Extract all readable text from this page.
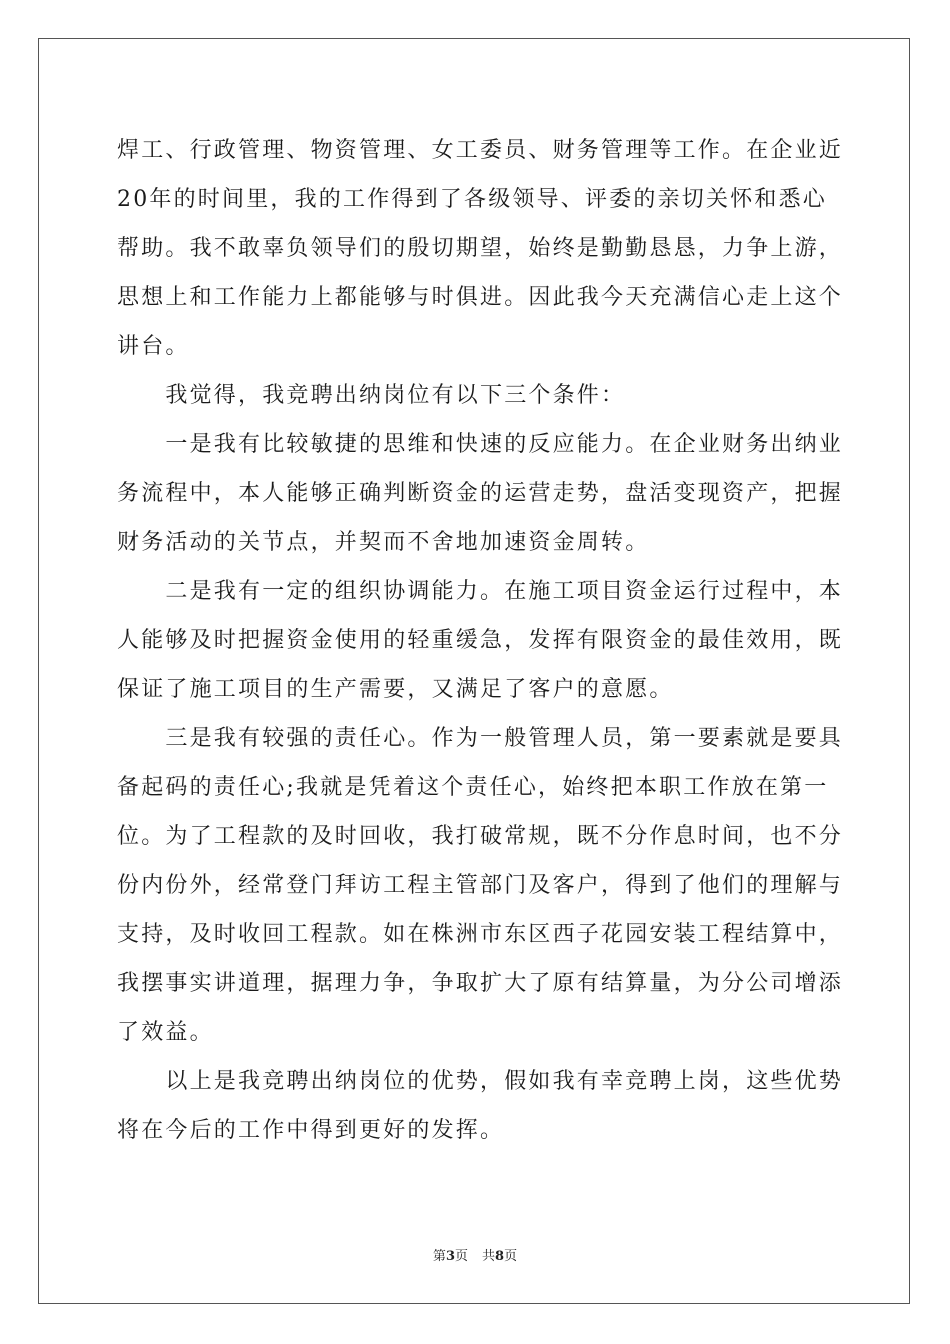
焊工、行政管理、物资管理、女工委员、财务管理等工作。在企业近
20年的时间里，我的工作得到了各级领导、评委的亲切关怀和悉心
帮助。我不敢辜负领导们的殷切期望，始终是勤勤恳恳，力争上游，
思想上和工作能力上都能够与时俱进。因此我今天充满信心走上这个
讲台。
　　我觉得，我竞聘出纳岗位有以下三个条件：
　　一是我有比较敏捷的思维和快速的反应能力。在企业财务出纳业
务流程中，本人能够正确判断资金的运营走势，盘活变现资产，把握
财务活动的关节点，并契而不舍地加速资金周转。
　　二是我有一定的组织协调能力。在施工项目资金运行过程中，本
人能够及时把握资金使用的轻重缓急，发挥有限资金的最佳效用，既
保证了施工项目的生产需要，又满足了客户的意愿。
　　三是我有较强的责任心。作为一般管理人员，第一要素就是要具
备起码的责任心;我就是凭着这个责任心，始终把本职工作放在第一
位。为了工程款的及时回收，我打破常规，既不分作息时间，也不分
份内份外，经常登门拜访工程主管部门及客户，得到了他们的理解与
支持，及时收回工程款。如在株洲市东区西子花园安装工程结算中，
我摆事实讲道理，据理力争，争取扩大了原有结算量，为分公司增添
了效益。
　　以上是我竞聘出纳岗位的优势，假如我有幸竞聘上岗，这些优势
将在今后的工作中得到更好的发挥。
第3页 共8页
